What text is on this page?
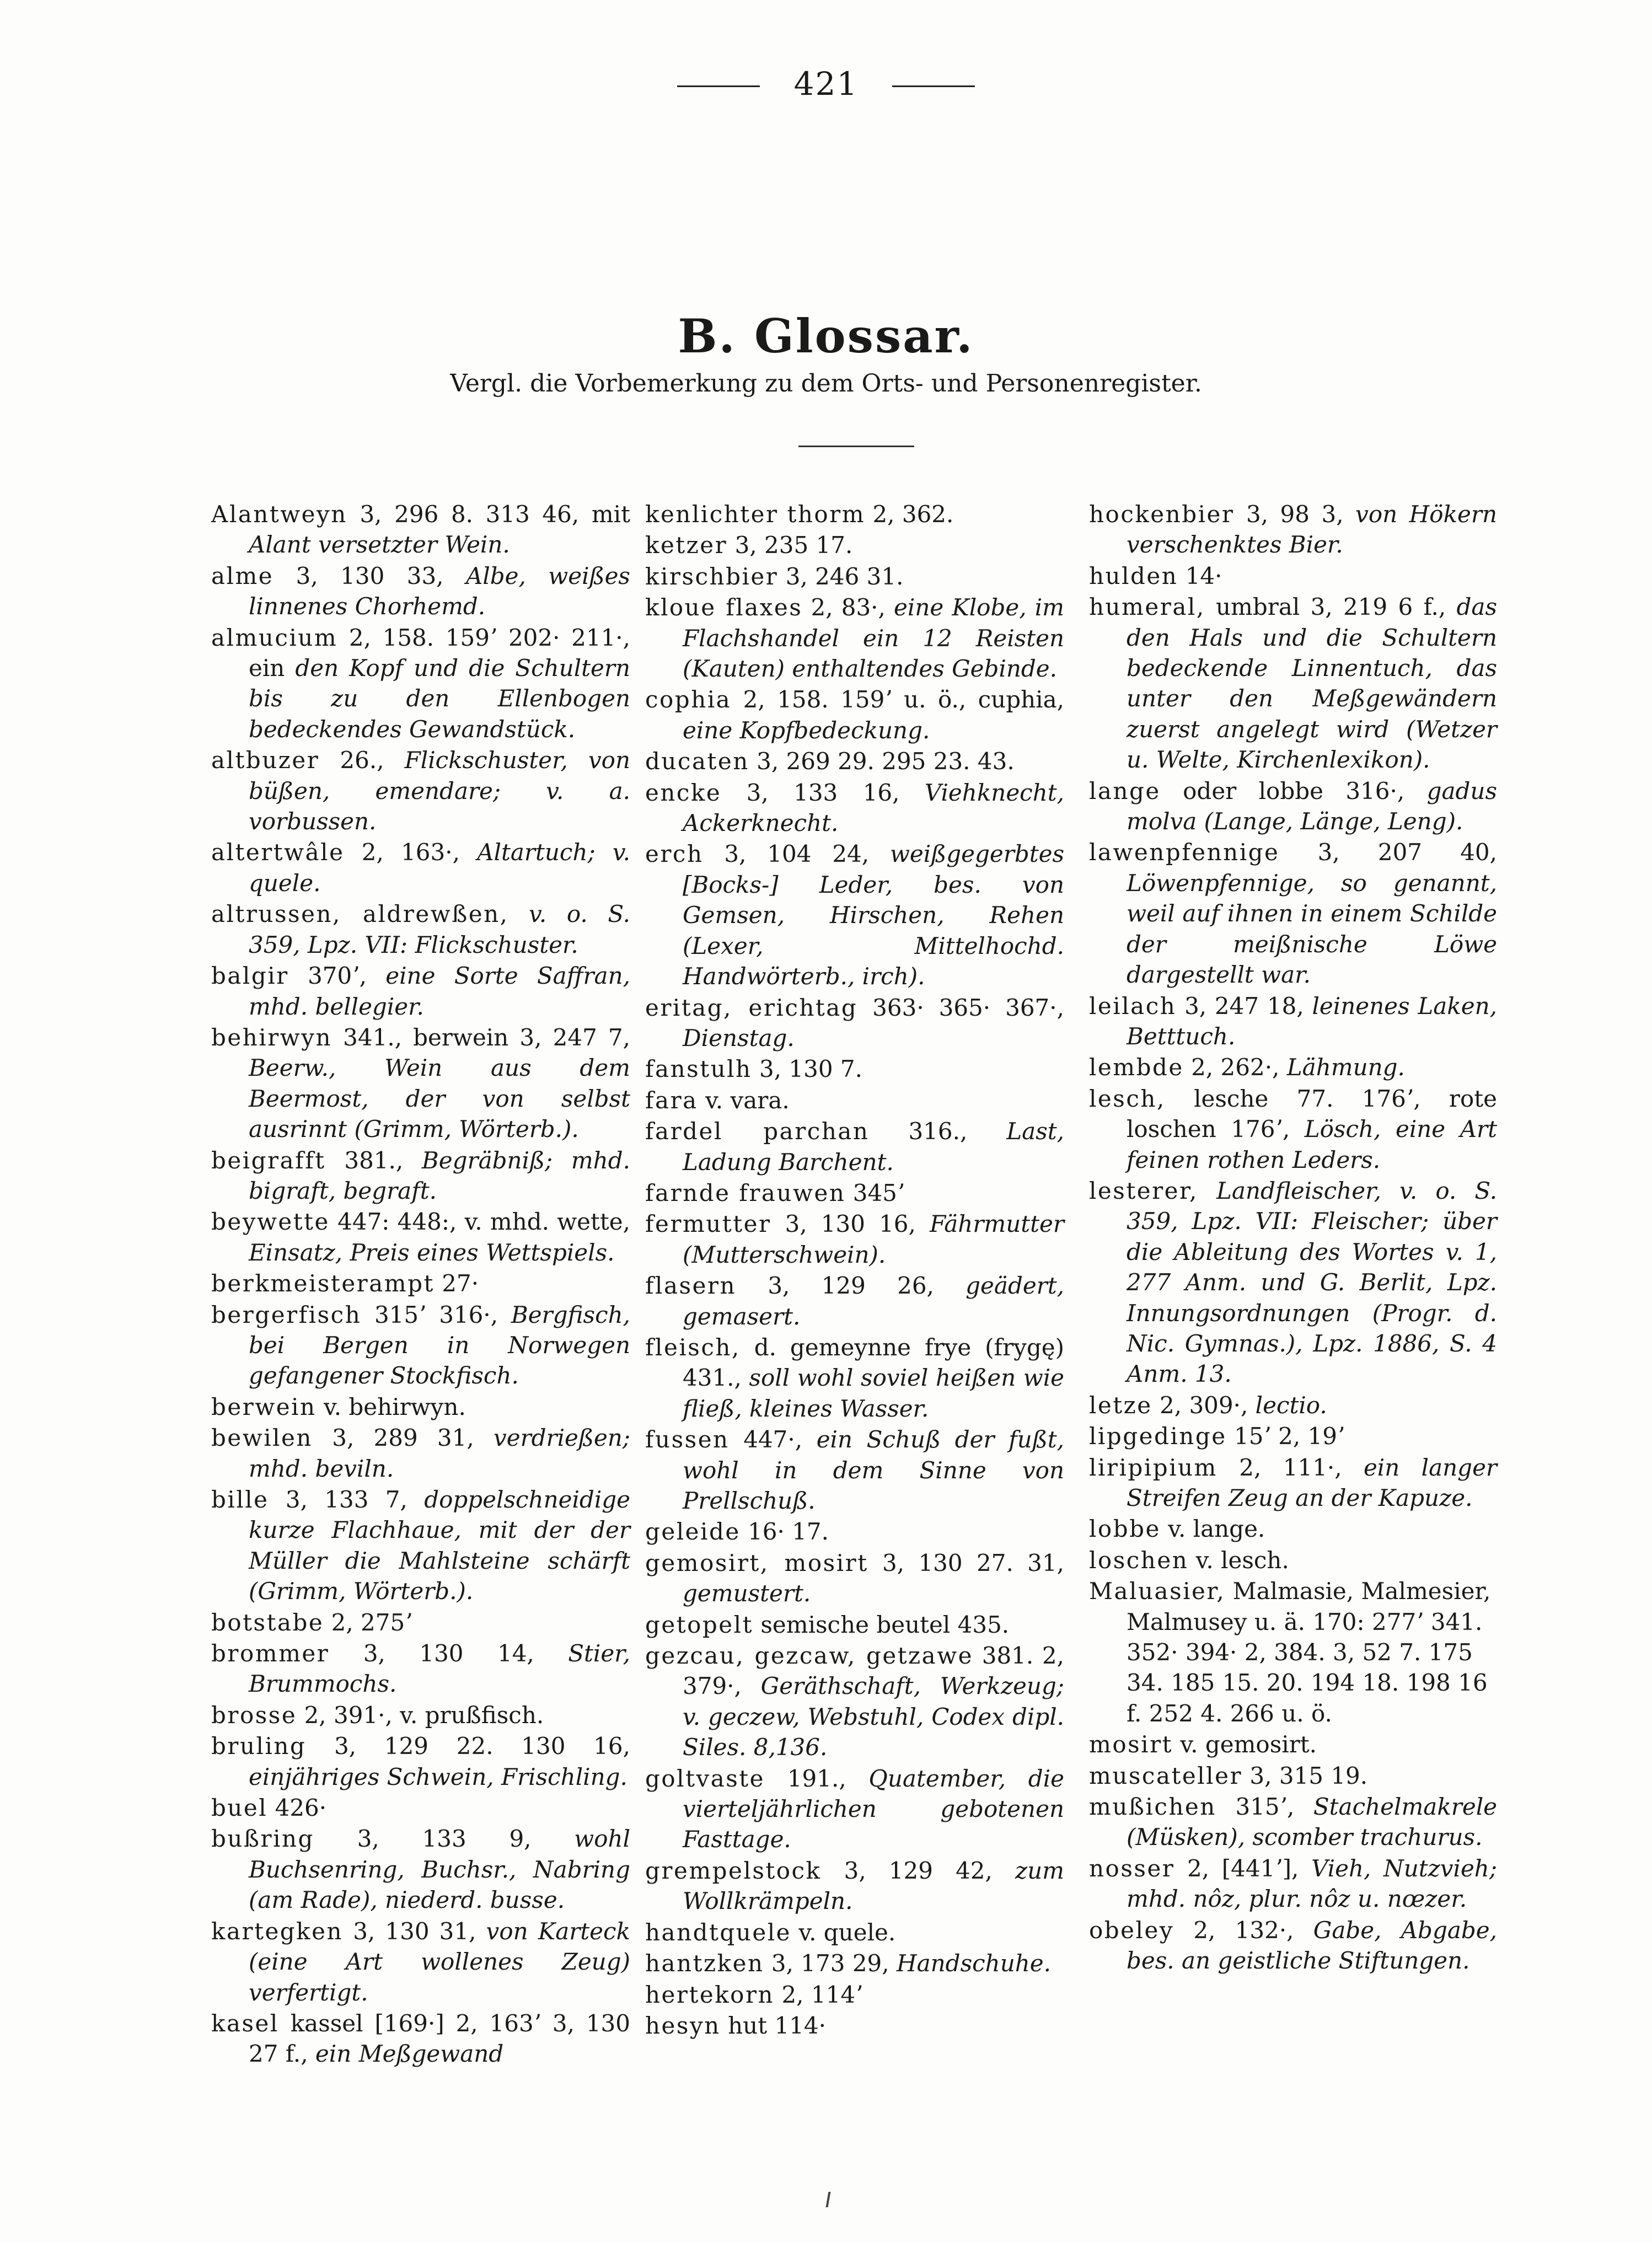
421
B. Glossar.
Vergl. die Vorbemerkung zu dem Orts- und Personenregister.
Alantweyn 3, 296 8. 313 46, mit Alant versetzter Wein.
alme 3, 130 33, Albe, weißes linnenes Chorhemd.
almucium 2, 158. 159ʼ 202· 211·, ein den Kopf und die Schultern bis zu den Ellenbogen bedeckendes Gewandstück.
altbuzer 26., Flickschuster, von büßen, emendare; v. a. vorbussen.
altertwâle 2, 163·, Altartuch; v. quele.
altrussen, aldrewßen, v. o. S. 359, Lpz. VII: Flickschuster.
balgir 370ʼ, eine Sorte Saffran, mhd. bellegier.
behirwyn 341., berwein 3, 247 7, Beerw., Wein aus dem Beermost, der von selbst ausrinnt (Grimm, Wörterb.).
beigrafft 381., Begräbniß; mhd. bigraft, begraft.
beywette 447: 448:, v. mhd. wette, Einsatz, Preis eines Wettspiels.
berkmeisterampt 27·
bergerfisch 315ʼ 316·, Bergfisch, bei Bergen in Norwegen gefangener Stockfisch.
berwein v. behirwyn.
bewilen 3, 289 31, verdrießen; mhd. beviln.
bille 3, 133 7, doppelschneidige kurze Flachhaue, mit der der Müller die Mahlsteine schärft (Grimm, Wörterb.).
botstabe 2, 275ʼ
brommer 3, 130 14, Stier, Brummochs.
brosse 2, 391·, v. prußfisch.
bruling 3, 129 22. 130 16, einjähriges Schwein, Frischling.
buel 426·
bußring 3, 133 9, wohl Buchsenring, Buchsr., Nabring (am Rade), niederd. busse.
kartegken 3, 130 31, von Karteck (eine Art wollenes Zeug) verfertigt.
kasel kassel [169·] 2, 163ʼ 3, 130 27 f., ein Meßgewand
kenlichter thorm 2, 362.
ketzer 3, 235 17.
kirschbier 3, 246 31.
kloue flaxes 2, 83·, eine Klobe, im Flachshandel ein 12 Reisten (Kauten) enthaltendes Gebinde.
cophia 2, 158. 159ʼ u. ö., cuphia, eine Kopfbedeckung.
ducaten 3, 269 29. 295 23. 43.
encke 3, 133 16, Viehknecht, Ackerknecht.
erch 3, 104 24, weißgegerbtes [Bocks-] Leder, bes. von Gemsen, Hirschen, Rehen (Lexer, Mittelhochd. Handwörterb., irch).
eritag, erichtag 363· 365· 367·, Dienstag.
fanstulh 3, 130 7.
fara v. vara.
fardel parchan 316., Last, Ladung Barchent.
farnde frauwen 345ʼ
fermutter 3, 130 16, Fährmutter (Mutterschwein).
flasern 3, 129 26, geädert, gemasert.
fleisch, d. gemeynne frye (frygę) 431., soll wohl soviel heißen wie fließ, kleines Wasser.
fussen 447·, ein Schuß der fußt, wohl in dem Sinne von Prellschuß.
geleide 16· 17.
gemosirt, mosirt 3, 130 27. 31, gemustert.
getopelt semische beutel 435.
gezcau, gezcaw, getzawe 381. 2, 379·, Geräthschaft, Werkzeug; v. geczew, Webstuhl, Codex dipl. Siles. 8,136.
goltvaste 191., Quatember, die vierteljährlichen gebotenen Fasttage.
grempelstock 3, 129 42, zum Wollkrämpeln.
handtquele v. quele.
hantzken 3, 173 29, Handschuhe.
hertekorn 2, 114ʼ
hesyn hut 114·
hockenbier 3, 98 3, von Hökern verschenktes Bier.
hulden 14·
humeral, umbral 3, 219 6 f., das den Hals und die Schultern bedeckende Linnentuch, das unter den Meßgewändern zuerst angelegt wird (Wetzer u. Welte, Kirchenlexikon).
lange oder lobbe 316·, gadus molva (Lange, Länge, Leng).
lawenpfennige 3, 207 40, Löwenpfennige, so genannt, weil auf ihnen in einem Schilde der meißnische Löwe dargestellt war.
leilach 3, 247 18, leinenes Laken, Betttuch.
lembde 2, 262·, Lähmung.
lesch, lesche 77. 176ʼ, rote loschen 176ʼ, Lösch, eine Art feinen rothen Leders.
lesterer, Landfleischer, v. o. S. 359, Lpz. VII: Fleischer; über die Ableitung des Wortes v. 1, 277 Anm. und G. Berlit, Lpz. Innungsordnungen (Progr. d. Nic. Gymnas.), Lpz. 1886, S. 4 Anm. 13.
letze 2, 309·, lectio.
lipgedinge 15ʼ 2, 19ʼ
liripipium 2, 111·, ein langer Streifen Zeug an der Kapuze.
lobbe v. lange.
loschen v. lesch.
Maluasier, Malmasie, Malmesier, Malmusey u. ä. 170: 277ʼ 341. 352· 394· 2, 384. 3, 52 7. 175 34. 185 15. 20. 194 18. 198 16 f. 252 4. 266 u. ö.
mosirt v. gemosirt.
muscateller 3, 315 19.
mußichen 315ʼ, Stachelmakrele (Müsken), scomber trachurus.
nosser 2, [441ʼ], Vieh, Nutzvieh; mhd. nôz, plur. nôz u. nœzer.
obeley 2, 132·, Gabe, Abgabe, bes. an geistliche Stiftungen.
